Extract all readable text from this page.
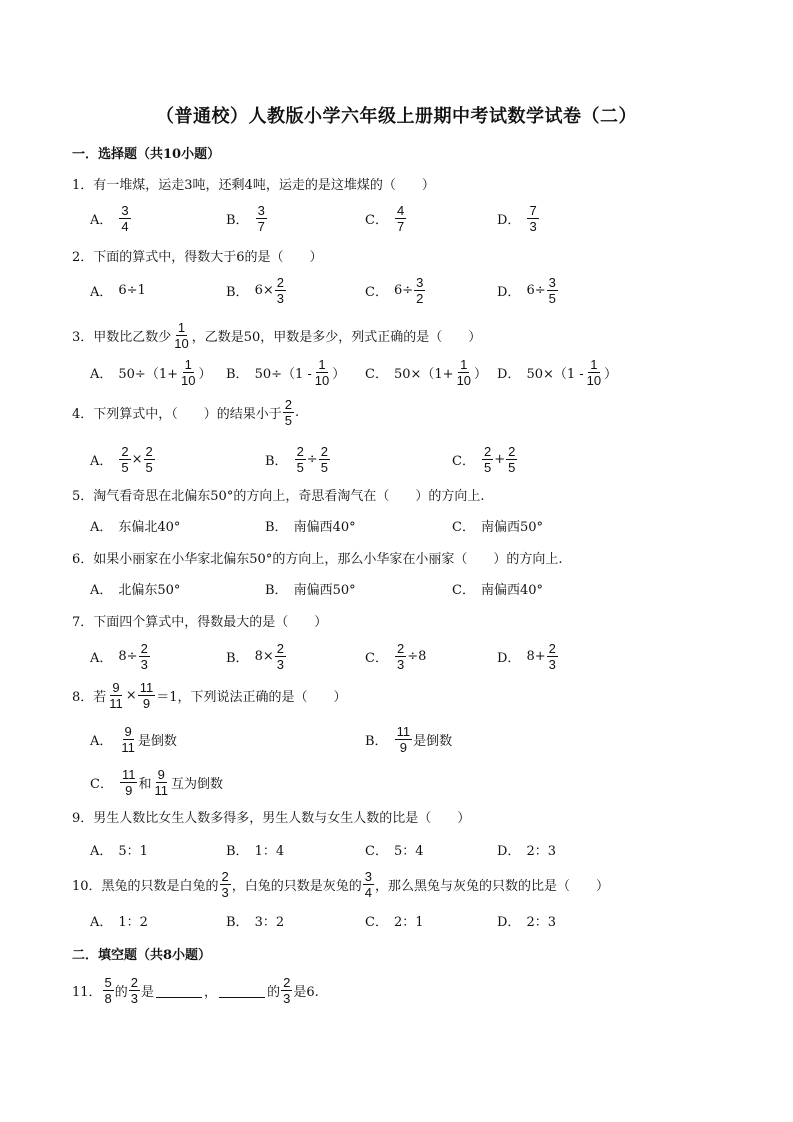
（普通校）人教版小学六年级上册期中考试数学试卷（二）
一．选择题（共10小题）
二．填空题（共8小题）
1．有一堆煤，运走3吨，还剩4吨，运走的是这堆煤的（　　）
A． $\frac{3}{4}$	B． $\frac{3}{7}$	C． $\frac{4}{7}$	D． $\frac{7}{3}$
2．下面的算式中，得数大于6的是（　　）
A． 6÷1	B． $6\times \frac{2}{3}$	C． $6\div \frac{3}{2}$	D． $6\div \frac{3}{5}$
3．甲数比乙数少 $\frac{1}{10}$ ，乙数是50，甲数是多少，列式正确的是（　　）
A． $50\div(1+ \frac{1}{10}$ ） B． $50\div(1 - \frac{1}{10}$ ） C． $50\times(1+ \frac{1}{10}$ ） D． $50\times(1 - \frac{1}{10}$ ）
4．下列算式中，（　　）的结果小于 $\frac{2}{5}$ .
A． $\frac{2}{5} \times \frac{2}{5}$	B． $\frac{2}{5} \div \frac{2}{5}$	C． $\frac{2}{5} + \frac{2}{5}$
5．淘气看奇思在北偏东50°的方向上，奇思看淘气在（　　）的方向上.
A． 东偏北40°	B． 南偏西40°	C． 南偏西50°
6．如果小丽家在小华家北偏东50°的方向上，那么小华家在小丽家（　　）的方向上.
A． 北偏东50°	B． 南偏西50°	C． 南偏西40°
7．下面四个算式中，得数最大的是（　　）
A． $8\div \frac{2}{3}$	B． $8\times \frac{2}{3}$	C． $\frac{2}{3} \div 8$	D． $8+ \frac{2}{3}$
8．若 $\frac{9}{11} \times \frac{11}{9} =1$，下列说法正确的是（　　）
A． $\frac{9}{11}$ 是倒数	B． $\frac{11}{9}$ 是倒数
C． $\frac{11}{9}$ 和 $\frac{9}{11}$ 互为倒数
9．男生人数比女生人数多得多，男生人数与女生人数的比是（　　）
A． 5：1	B． 1：4	C． 5：4	D． 2：3
10．黑兔的只数是白兔的 $\frac{2}{3}$ ，白兔的只数是灰兔的 $\frac{3}{4}$ ，那么黑兔与灰兔的只数的比是（　　）
A． 1：2	B． 3：2	C． 2：1	D． 2：3
11． $\frac{5}{8}$ 的 $\frac{2}{3}$ 是	，	的 $\frac{2}{3}$ 是6.
